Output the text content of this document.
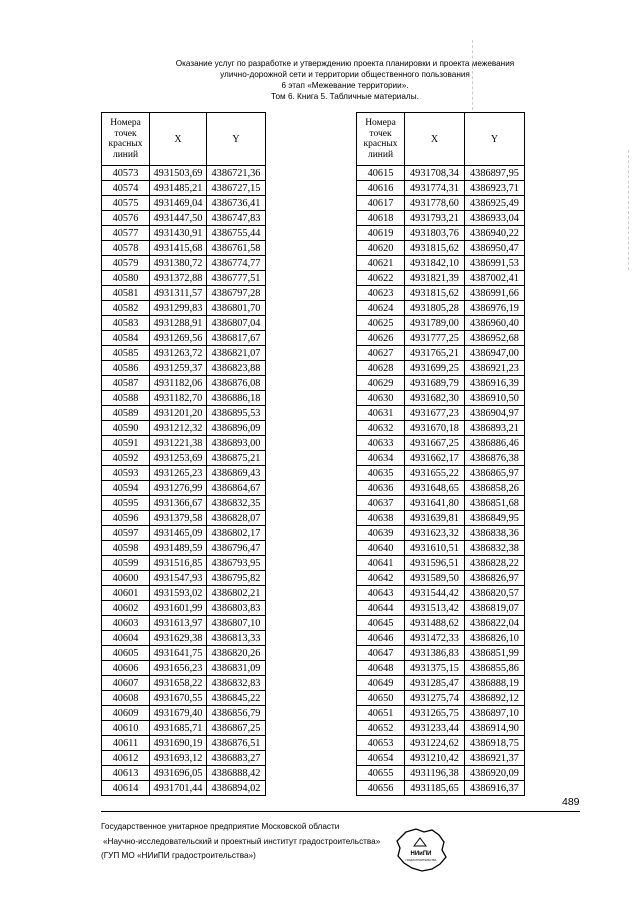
Оказание услуг по разработке и утверждению проекта планировки и проекта межевания
улично-дорожной сети и территории общественного пользования
6 этап «Межевание территории».
Том 6. Книга 5. Табличные материалы.
Номера точек красных линий	X	Y
40573	4931503,69	4386721,36
40574	4931485,21	4386727,15
40575	4931469,04	4386736,41
40576	4931447,50	4386747,83
40577	4931430,91	4386755,44
40578	4931415,68	4386761,58
40579	4931380,72	4386774,77
40580	4931372,88	4386777,51
40581	4931311,57	4386797,28
40582	4931299,83	4386801,70
40583	4931288,91	4386807,04
40584	4931269,56	4386817,67
40585	4931263,72	4386821,07
40586	4931259,37	4386823,88
40587	4931182,06	4386876,08
40588	4931182,70	4386886,18
40589	4931201,20	4386895,53
40590	4931212,32	4386896,09
40591	4931221,38	4386893,00
40592	4931253,69	4386875,21
40593	4931265,23	4386869,43
40594	4931276,99	4386864,67
40595	4931366,67	4386832,35
40596	4931379,58	4386828,07
40597	4931465,09	4386802,17
40598	4931489,59	4386796,47
40599	4931516,85	4386793,95
40600	4931547,93	4386795,82
40601	4931593,02	4386802,21
40602	4931601,99	4386803,83
40603	4931613,97	4386807,10
40604	4931629,38	4386813,33
40605	4931641,75	4386820,26
40606	4931656,23	4386831,09
40607	4931658,22	4386832,83
40608	4931670,55	4386845,22
40609	4931679,40	4386856,79
40610	4931685,71	4386867,25
40611	4931690,19	4386876,51
40612	4931693,12	4386883,27
40613	4931696,05	4386888,42
40614	4931701,44	4386894,02
Номера точек красных линий	X	Y
40615	4931708,34	4386897,95
40616	4931774,31	4386923,71
40617	4931778,60	4386925,49
40618	4931793,21	4386933,04
40619	4931803,76	4386940,22
40620	4931815,62	4386950,47
40621	4931842,10	4386991,53
40622	4931821,39	4387002,41
40623	4931815,62	4386991,66
40624	4931805,28	4386976,19
40625	4931789,00	4386960,40
40626	4931777,25	4386952,68
40627	4931765,21	4386947,00
40628	4931699,25	4386921,23
40629	4931689,79	4386916,39
40630	4931682,30	4386910,50
40631	4931677,23	4386904,97
40632	4931670,18	4386893,21
40633	4931667,25	4386886,46
40634	4931662,17	4386876,38
40635	4931655,22	4386865,97
40636	4931648,65	4386858,26
40637	4931641,80	4386851,68
40638	4931639,81	4386849,95
40639	4931623,32	4386838,36
40640	4931610,51	4386832,38
40641	4931596,51	4386828,22
40642	4931589,50	4386826,97
40643	4931544,42	4386820,57
40644	4931513,42	4386819,07
40645	4931488,62	4386822,04
40646	4931472,33	4386826,10
40647	4931386,83	4386851,99
40648	4931375,15	4386855,86
40649	4931285,47	4386888,19
40650	4931275,74	4386892,12
40651	4931265,75	4386897,10
40652	4931233,44	4386914,90
40653	4931224,62	4386918,75
40654	4931210,42	4386921,37
40655	4931196,38	4386920,09
40656	4931185,65	4386916,37
489
Государственное унитарное предприятие Московской области
«Научно-исследовательский и проектный институт градостроительства»
(ГУП МО «НИиПИ градостроительства»)	НИиПИ
ГРАДОСТРОИТЕЛЬСТВА
